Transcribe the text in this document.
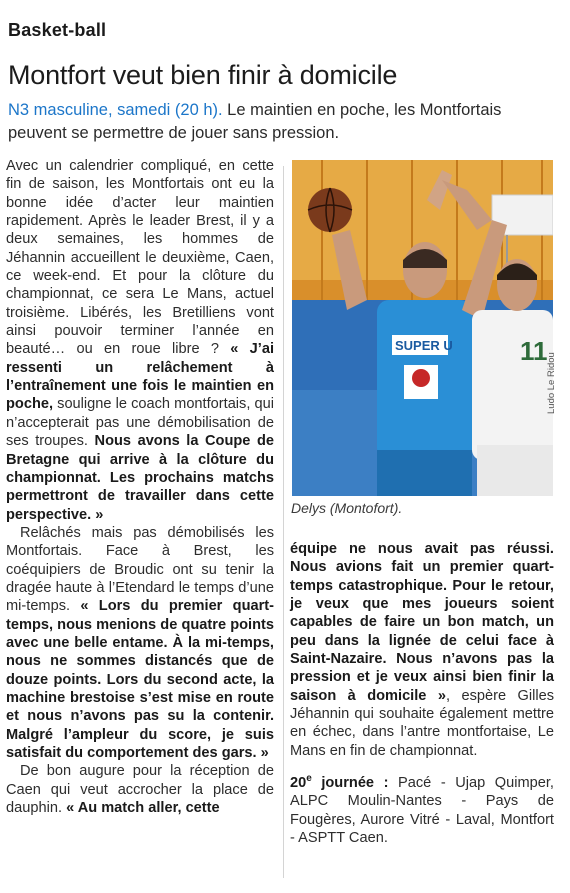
Basket-ball
Montfort veut bien finir à domicile
N3 masculine, samedi (20 h). Le maintien en poche, les Montfortais peuvent se permettre de jouer sans pression.

Avec un calendrier compliqué, en cette fin de saison, les Montfortais ont eu la bonne idée d’acter leur maintien rapidement. Après le leader Brest, il y a deux semaines, les hommes de Jéhannin accueillent le deuxième, Caen, ce week-end. Et pour la clôture du championnat, ce sera Le Mans, actuel troisième. Libérés, les Bretilliens vont ainsi pouvoir terminer l’année en beauté… ou en roue libre ? « J’ai ressenti un relâchement à l’entraînement une fois le maintien en poche, souligne le coach montfortais, qui n’accepterait pas une démobilisation de ses troupes. Nous avons la Coupe de Bretagne qui arrive à la clôture du championnat. Les prochains matchs permettront de travailler dans cette perspective. »

Relâchés mais pas démobilisés les Montfortais. Face à Brest, les coéquipiers de Broudic ont su tenir la dragée haute à l’Etendard le temps d’une mi-temps. « Lors du premier quart-temps, nous menions de quatre points avec une belle entame. À la mi-temps, nous ne sommes distancés que de douze points. Lors du second acte, la machine brestoise s’est mise en route et nous n’avons pas su la contenir. Malgré l’ampleur du score, je suis satisfait du comportement des gars. »

De bon augure pour la réception de Caen qui veut accrocher la place de dauphin. « Au match aller, cette

SUPER U	11
Ludo Le Ridou
Delys (Montofort).

équipe ne nous avait pas réussi. Nous avions fait un premier quart-temps catastrophique. Pour le retour, je veux que mes joueurs soient capables de faire un bon match, un peu dans la lignée de celui face à Saint-Nazaire. Nous n’avons pas la pression et je veux ainsi bien finir la saison à domicile », espère Gilles Jéhannin qui souhaite également mettre en échec, dans l’antre montfortaise, Le Mans en fin de championnat.

20e journée : Pacé - Ujap Quimper, ALPC Moulin-Nantes - Pays de Fougères, Aurore Vitré - Laval, Montfort - ASPTT Caen.
